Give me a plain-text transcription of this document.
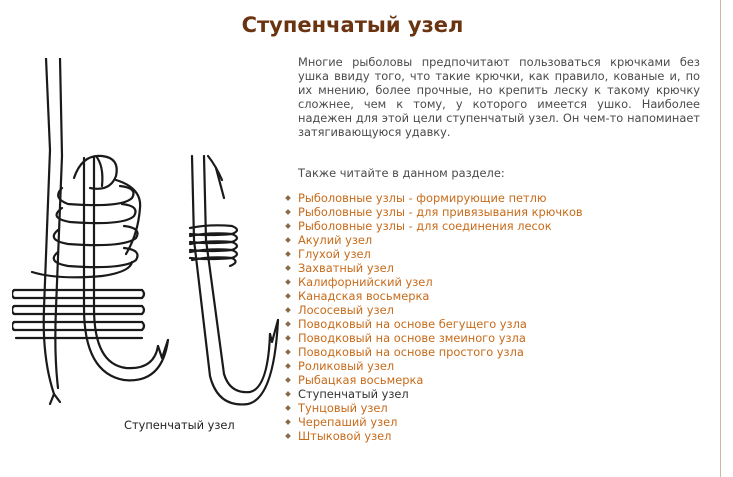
Ступенчатый узел

Многие рыболовы предпочитают пользоваться крючками без ушка ввиду того, что такие крючки, как правило, кованые и, по их мнению, более прочные, но крепить леску к такому крючку сложнее, чем к тому, у которого имеется ушко. Наиболее надежен для этой цели ступенчатый узел. Он чем-то напоминает затягивающуюся удавку.

Также читайте в данном разделе:
Рыболовные узлы - формирующие петлю
Рыболовные узлы - для привязывания крючков
Рыболовные узлы - для соединения лесок
Акулий узел
Глухой узел
Захватный узел
Калифорнийский узел
Канадская восьмерка
Лососевый узел
Поводковый на основе бегущего узла
Поводковый на основе змеиного узла
Поводковый на основе простого узла
Роликовый узел
Рыбацкая восьмерка
Ступенчатый узел
Тунцовый узел
Черепаший узел
Штыковой узел
Ступенчатый узел
